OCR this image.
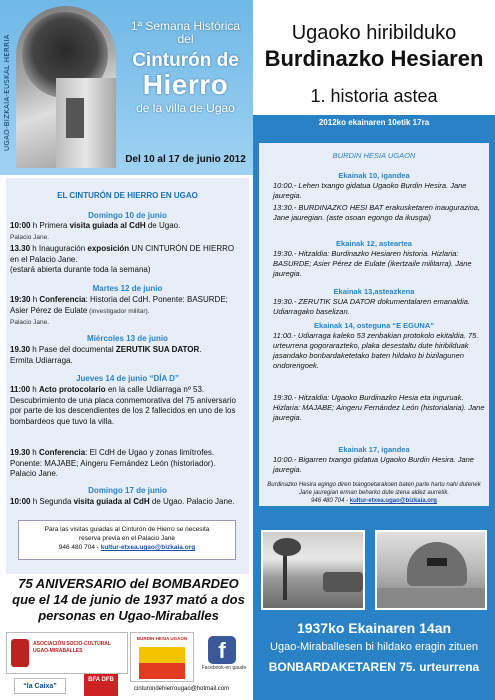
UGAO-BIZKAIA-EUSKAL HERRIA
1ª Semana Histórica
del
Cinturón de
Hierro
de la villa de Ugao
Del 10 al 17 de junio 2012
EL CINTURÓN DE HIERRO EN UGAO
Domingo 10 de junio
10:00 h Primera visita guiada al CdH de Ugao.
Palacio Jane.
13.30 h Inauguración exposición UN CINTURÓN DE HIERRO en el Palacio Jane.
(estará abierta durante toda la semana)
Martes 12 de junio
19:30 h Conferencia: Historia del CdH. Ponente: BASURDE; Asier Pérez de Eulate (investigador militar).
Palacio Jane.
Miércoles 13 de junio
19.30 h Pase del documental ZERUTIK SUA DATOR.
Ermita Udiarraga.
Jueves 14 de junio “DÍA D”
11:00 h Acto protocolario en la calle Udiarraga nº 53. Descubrimiento de una placa conmemorativa del 75 aniversario por parte de los descendientes de los 2 fallecidos en uno de los bombardeos que tuvo la villa.
19.30 h Conferencia: El CdH de Ugao y zonas limítrofes. Ponente: MAJABE; Aingeru Fernández León (historiador). Palacio Jane.
Domingo 17 de junio
10:00 h Segunda visita guiada al CdH de Ugao. Palacio Jane.
Para las visitas guiadas al Cinturón de Hierro se necesita
reserva previa en el Palacio Jane
946 480 704 - kultur-etxea.ugao@bizkaia.org
75 ANIVERSARIO del BOMBARDEO que el 14 de junio de 1937 mató a dos personas en Ugao-Miraballes
ASOCIACIÓN SOCIO-CULTURAL UGAO-MIRABALLES
BURDIN HESIA UGAON	f
Facebook-en gaude
“la Caixa”
BFA DFB
cinturondehierrougao@hotmail.com
Ugaoko hiribilduko
Burdinazko Hesiaren
1. historia astea
2012ko ekainaren 10etik 17ra
BURDIN HESIA UGAON
Ekainak 10, igandea
10:00.- Lehen txango gidatua Ugaoko Burdin Hesira. Jane jauregia.
13:30.- BURDINAZKO HESI BAT erakusketaren inaugurazioa, Jane jauregian. (aste osoan egongo da ikusgai)
Ekainak 12, asteartea
19:30.- Hitzaldia: Burdinazko Hesiaren historia. Hizlaria: BASURDE; Asier Pérez de Eulate (ikertzaile militarra). Jane jauregia.
Ekainak 13,asteazkena
19:30.- ZERUTIK SUA DATOR dokumentalaren emanaldia. Udiarragako baselizan.
Ekainak 14, osteguna “E EGUNA”
11:00.- Udiarraga kaleko 53 zenbakian protokolo ekitaldia. 75. urteurrena gogoraraztekо, plaka desestaltu dute hiribilduak jasandako bonbardaketetako baten hildako bi bizilagunen ondorengoek.
19:30.- Hitzaldia: Ugaoko Burdinazko Hesia eta inguruak. Hizlaria: MAJABE; Aingeru Fernández León (historialaria). Jane jauregia.
Ekainak 17, igandea
10:00.- Bigarren txango gidatua Ugaoko Burdin Hesira. Jane jauregia.
Burdinazko Hesira egingo diren txangoetarakoen baten parte hartu nahi dutenek Jane jauregian erman beharko dute izena aldez aurretik.
946 480 704 - kultur-etxea.ugao@bizkaia.org
1937ko Ekainaren 14an
Ugao-Miraballesen bi hildako eragin zituen
BONBARDAKETAREN 75. urteurrena
